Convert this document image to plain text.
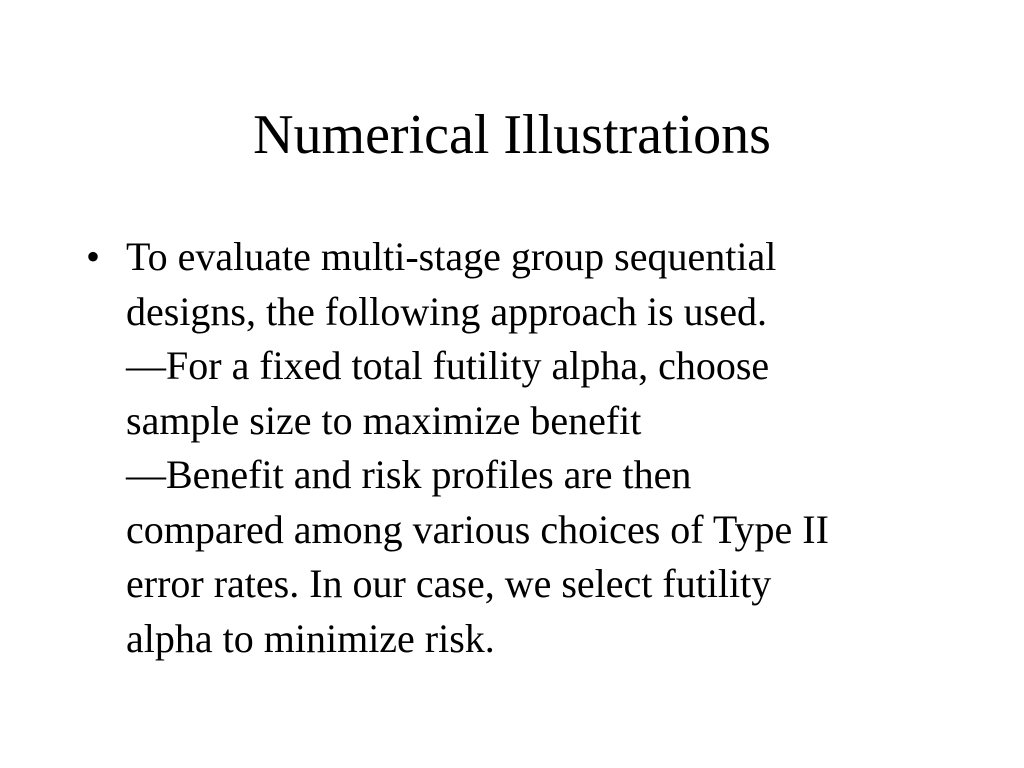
Numerical Illustrations
• To evaluate multi-stage group sequential
designs, the following approach is used.
—For a fixed total futility alpha, choose
sample size to maximize benefit
—Benefit and risk profiles are then
compared among various choices of Type II
error rates. In our case, we select futility
alpha to minimize risk.
